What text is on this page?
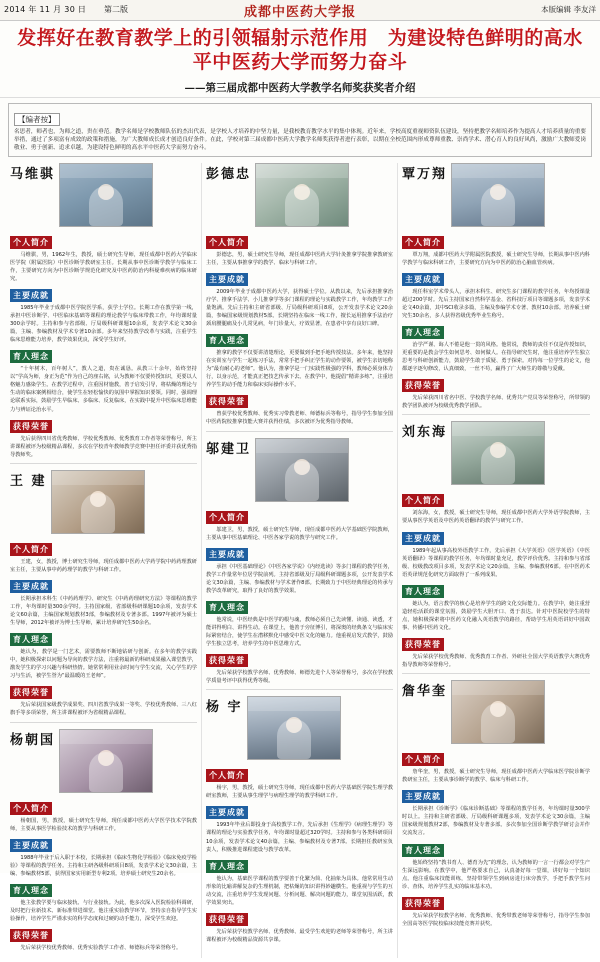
2014 年 11 月 30 日 第二版	成都中医药大学报	本版编辑 李友洋
发挥好在教育教学上的引领辐射示范作用　为建设特色鲜明的高水平中医药大学而努力奋斗
——第三届成都中医药大学教学名师奖获奖者介绍
【编者按】
名思者，师者也，为师之道，贵在垂范。教学名师是学校教师队伍的杰出代表，是学校人才培养的中坚力量，是我校教育教学水平的集中体现。近年来，学校高度重视师资队伍建设，坚持把教学名师培养作为提高人才培养质量的重要举措，通过了多项富有成效的政策和措施，为广大教师成长成才创造良好条件。在此，学校对第三届成都中医药大学教学名师奖获得者进行表彰，以期在全校范围内形成尊师重教、崇尚学术、潜心育人的良好风尚，激励广大教师爱岗敬业、勇于创新、追求卓越，为建设特色鲜明的高水平中医药大学而努力奋斗。
马维骐
个人简介
马维骐，男，1962年生，教授，硕士研究生导师，现任成都中医药大学临床医学院（附属医院）中医诊断学教研室主任。长期从事中医诊断学教学与临床工作，主要研究方向为中医诊断学规范化研究及中医药防治内科疑难疾病的临床研究。
主要成就
1985年毕业于成都中医学院医学系，获学士学位。长期工作在教学第一线，承担中医诊断学、中医临床基础等课程的理论教学与临床带教工作，年均课时量300余学时。主持和参与省部级、厅局级科研课题10余项，发表学术论文30余篇，主编、参编教材及学术专著10余部。多年来坚持教学改革与实践，注重学生临床思维能力培养，教学效果优良，深受学生好评。
育人理念
“十年树木，百年树人”，教人之道，贵在诚恳。从教三十余年，始终坚持以“学高为师，身正为范”作为自己的座右铭，认为教师不仅要传授知识，更要以人格魅力感染学生。在教学过程中，注重因材施教，善于启发引导，将枯燥的理论与生动的临床案例相结合，使学生在轻松愉快的氛围中掌握知识要领。同时，强调理论联系实际，鼓励学生早临床、多临床、反复临床，在实践中提升中医临床思维能力与辨证论治水平。
获得荣誉
先后获得四川省优秀教师、学校优秀教师、优秀教育工作者等荣誉称号，所主讲课程被评为校级精品课程，多次在学校青年教师教学竞赛中担任评委并获优秀指导教师奖。
王 建
个人简介
王建，女，教授，博士研究生导师，现任成都中医药大学药学院中药药理教研室主任，主要从事中药药理学的教学与科研工作。
主要成就
长期承担本科生《中药药理学》、研究生《中药药理研究方法》等课程的教学工作，年均课时量300余学时。主持国家级、省部级科研课题10余项，发表学术论文60余篇，主编国家规划教材3部，参编教材及专著多部。1997年被评为硕士生导师，2012年被评为博士生导师，累计培养研究生50余名。
育人理念
她认为，教学是一门艺术，需要教师不断地钻研与创新。在多年的教学实践中，她积极探索以问题为导向的教学方法，注重将最新的科研成果融入课堂教学，激发学生的学习兴趣与科研热情。她常常利用业余时间与学生交流，关心学生的学习与生活，被学生誉为“最温暖的王老师”。
获得荣誉
先后荣获国家级教学成果奖、四川省教学成果一等奖、学校优秀教师、三八红旗手等多项荣誉，所主讲课程被评为省级精品课程。
杨朝国
个人简介
杨朝国，男，教授，硕士研究生导师，现任成都中医药大学医学技术学院教师，主要从事医学检验技术的教学与科研工作。
主要成就
1988年毕业于后入职于本校，长期承担《临床生物化学检验》《临床免疫学检验》等课程的教学任务。主持和主研各级科研项目8项，发表学术论文30余篇，主编、参编教材5部，获得国家实用新型专利2项。培养硕士研究生20余名。
育人理念
他主张教学要与临床接轨、与行业接轨。为此，他多次深入医院检验科调研，及时把行业新技术、新标准带进课堂。他注重实验教学环节，坚持亲自指导学生实验操作，培养学生严谨求实的科学态度和过硬的动手能力，深受学生欢迎。
获得荣誉
先后荣获学校优秀教师、优秀实验教学工作者、师德标兵等荣誉称号。
彭德忠
个人简介
彭德忠，男，硕士研究生导师，现任成都中医药大学针灸推拿学院推拿教研室主任，主要从事推拿学的教学、临床与科研工作。
主要成就
2009年毕业于成都中医药大学，获得硕士学位。从教以来，先后承担推拿治疗学、推拿手法学、小儿推拿学等多门课程的理论与实践教学工作，年均教学工作量饱满。先后主持和主研省部级、厅局级科研项目8项，公开发表学术论文20余篇，参编国家级规划教材5部。长期坚持在临床一线工作，擅长运用推拿手法治疗颈肩腰腿痛及小儿常见病，年门诊量大，疗效显著，在患者中享有良好口碑。
育人理念
推拿的教学不仅要讲清楚理论，更要做到手把手地传授技法。多年来，他坚持在实训室与学生一起练习手法，常常手把手纠正学生的动作要领，被学生亲切地称为“最有耐心的老师”。他认为，推拿学是一门实践性极强的学科，教师必须身体力行，以身示范，才能真正把技艺传承下去。在教学中，他提倡“精讲多练”，注重培养学生的动手能力和临床实际操作水平。
获得荣誉
曾获学校优秀教师、优秀实习带教老师、师德标兵等称号，指导学生参加全国中医药院校推拿技能大赛并获得佳绩，多次被评为优秀指导教师。
邬建卫
个人简介
邬建卫，男，教授，硕士研究生导师，现任成都中医药大学基础医学院教师，主要从事中医基础理论、中医各家学说的教学与研究工作。
主要成就
承担《中医基础理论》《中医各家学说》《内经选读》等多门课程的教学任务，教学工作量常年位居学院前列。主持省部级及厅局级科研课题多项，公开发表学术论文30余篇，主编、参编教材与学术著作8部。长期致力于中医经典理论的传承与教学改革研究，取得了良好的教学效果。
育人理念
他常说，中医经典是中医学的根与魂，教师必须自己先读懂、读通、读透，才能讲得明白、讲得生动。在课堂上，他善于旁征博引，将深奥的经典条文与临床实际紧密结合，使学生在潜移默化中感受中医文化的魅力。他重视启发式教学，鼓励学生独立思考，培养学生的中医思维方式。
获得荣誉
先后荣获学校教学名师、优秀教师、师德先进个人等荣誉称号，多次在学校教学质量考评中获得优秀等级。
杨 宇
个人简介
杨宇，男，教授，硕士研究生导师，现任成都中医药大学基础医学院生理学教研室教师，主要从事生理学与病理生理学的教学科研工作。
主要成就
1993年毕业后即投身于高校教学工作，先后承担《生理学》《病理生理学》等课程的理论与实验教学任务，年均课时量超过320学时。主持和参与各类科研项目10余项，发表学术论文40余篇，主编、参编教材及专著7部。长期担任教研室负责人，积极推进课程建设与教学改革。
育人理念
他认为，基础医学课程的教学要善于化繁为简、化抽象为具体。他常常用生动形象的比喻讲解复杂的生理机制，把枯燥的知识讲得妙趣横生。他重视与学生的互动交流，注重培养学生发现问题、分析问题、解决问题的能力，课堂氛围活跃，教学效果突出。
获得荣誉
先后荣获学校教学名师、优秀教师、最受学生欢迎的老师等荣誉称号，所主讲课程被评为校级精品资源共享课。
覃万翔
个人简介
覃万翔，成都中医药大学附属医院教授，硕士研究生导师，长期从事中医内科学教学与临床科研工作，主要研究方向为中医药防治心脑血管疾病。
主要成就
现任科室学术带头人，承担本科生、研究生多门课程的教学任务，年均授课量超过200学时。先后主持国家自然科学基金、省科技厅项目等课题多项，发表学术论文40余篇，其中SCI收录多篇，主编及参编学术专著、教材10余部。培养硕士研究生30余名，多人获得省级优秀毕业生称号。
育人理念
治学严谨、诲人不倦是他一贯的风格。他常说，教师的责任不仅是传授知识，更重要的是教会学生如何思考、如何做人。在指导研究生时，他注重培养学生独立思考与科研创新能力，鼓励学生敢于质疑、勇于探索。对待每一位学生的论文，他都逐字逐句修改，认真细致，一丝不苟，赢得了广大师生的尊敬与爱戴。
获得荣誉
先后荣获四川省名中医、学校教学名师、优秀共产党员等荣誉称号，所带领的教学团队被评为校级优秀教学团队。
刘东海
个人简介
刘东海，女，教授，硕士研究生导师，现任成都中医药大学外语学院教师，主要从事医学英语及中医药英语翻译的教学与研究工作。
主要成就
1989年起从事高校外语教学工作，先后承担《大学英语》《医学英语》《中医英语翻译》等课程的教学任务，年均课时量充足，教学评价优秀。主持和参与省部级、校级教改项目多项，发表学术论文20余篇，主编、参编教材6部。在中医药术语英译规范化研究方面取得了一系列成果。
育人理念
她认为，语言教学的核心是培养学生的跨文化交际能力。在教学中，她注重营造轻松活跃的课堂氛围，鼓励学生大胆开口、勇于表达。针对中医院校学生的特点，她积极探索将中医药文化融入英语教学的路径，帮助学生用英语讲好中国故事、传播中医药文化。
获得荣誉
先后荣获学校优秀教师、优秀教育工作者、外研社全国大学英语教学大赛优秀指导教师等荣誉称号。
詹华奎
个人简介
詹华奎，男，教授，硕士研究生导师，现任成都中医药大学临床医学院诊断学教研室主任，主要从事诊断学的教学、临床与科研工作。
主要成就
长期承担《诊断学》《临床诊断基础》等课程的教学任务，年均课时量300学时以上。主持和主研省部级、厅局级科研课题多项，发表学术论文30余篇，主编国家级规划教材2部，参编教材及专著多部。多次参加全国诊断学教学研讨会并作交流发言。
育人理念
他始终坚持“教书育人、德育为先”的理念，认为教师的一言一行都会对学生产生深远影响。在教学中，他严格要求自己，认真备好每一堂课，讲好每一个知识点。他注重临床技能训练，坚持带领学生到病房进行床旁教学，手把手教学生问诊、查体，培养学生扎实的临床基本功。
获得荣誉
先后荣获学校教学名师、优秀教师、优秀带教老师等荣誉称号，指导学生参加全国高等医学院校临床技能竞赛并获奖。
